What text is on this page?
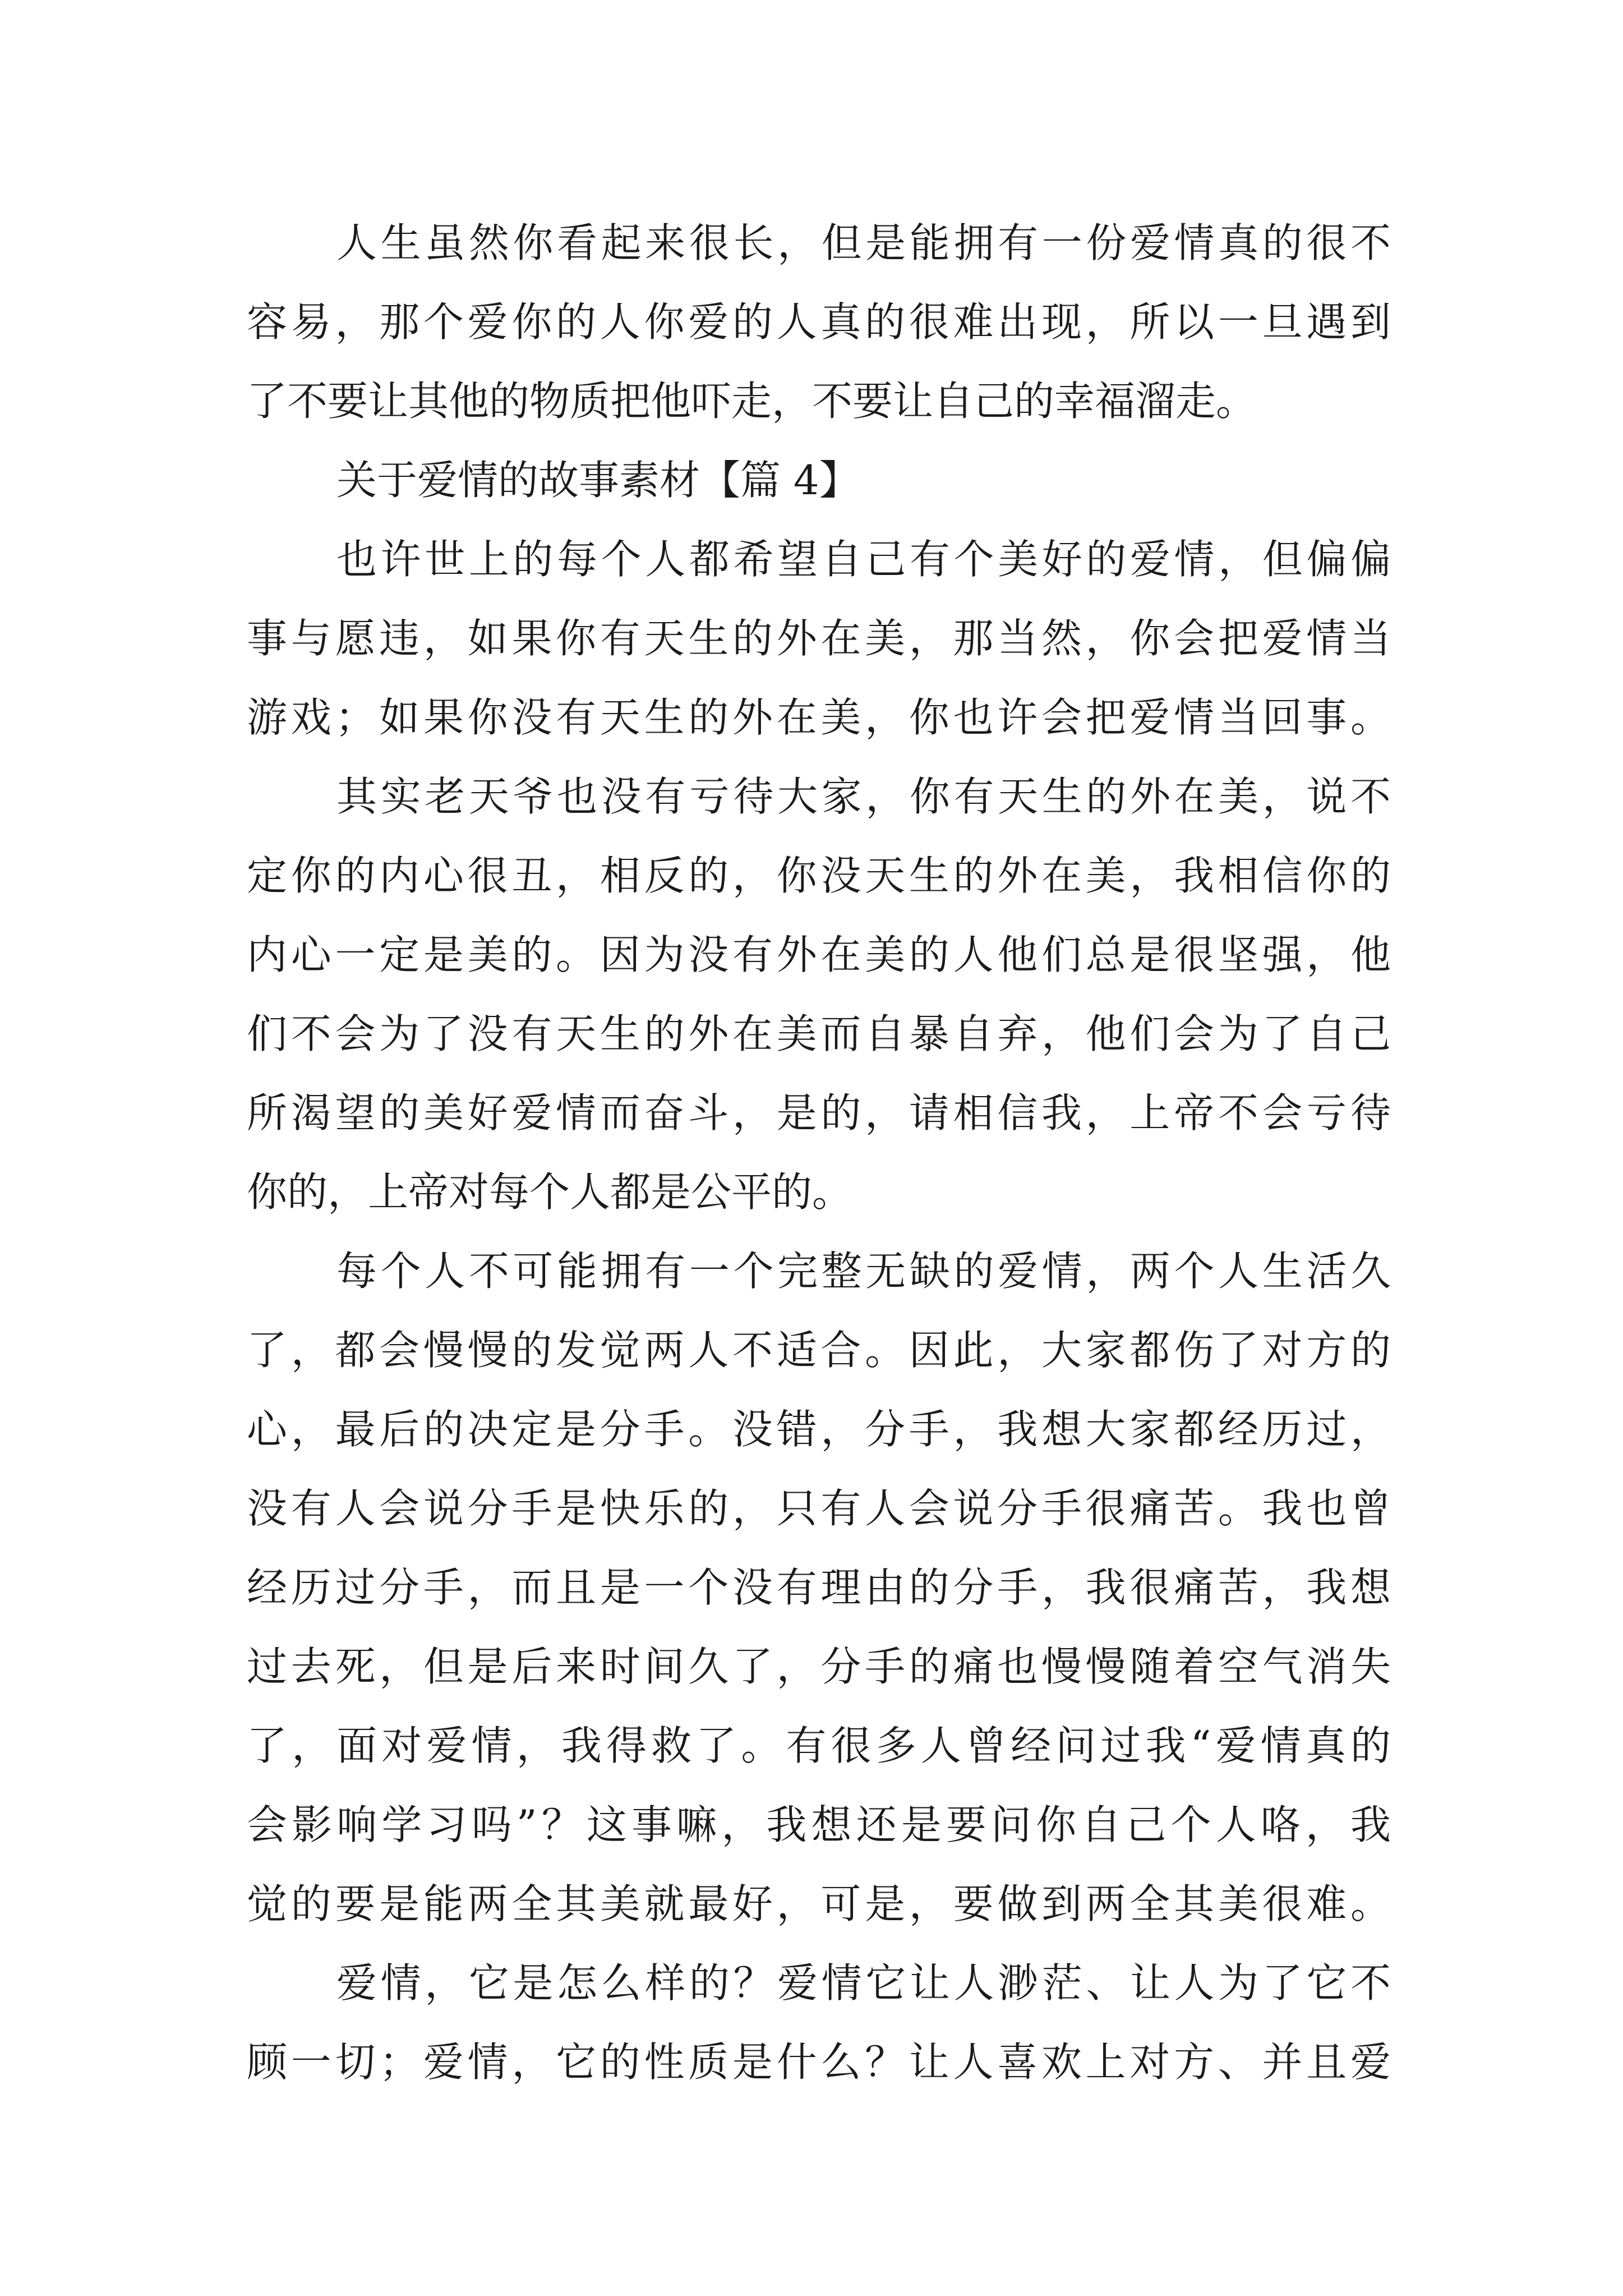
人生虽然你看起来很长，但是能拥有一份爱情真的很不
容易，那个爱你的人你爱的人真的很难出现，所以一旦遇到
了不要让其他的物质把他吓走，不要让自己的幸福溜走。
关于爱情的故事素材【篇 4】
也许世上的每个人都希望自己有个美好的爱情，但偏偏
事与愿违，如果你有天生的外在美，那当然，你会把爱情当
游戏；如果你没有天生的外在美，你也许会把爱情当回事。
其实老天爷也没有亏待大家，你有天生的外在美，说不
定你的内心很丑，相反的，你没天生的外在美，我相信你的
内心一定是美的。因为没有外在美的人他们总是很坚强，他
们不会为了没有天生的外在美而自暴自弃，他们会为了自己
所渴望的美好爱情而奋斗，是的，请相信我，上帝不会亏待
你的，上帝对每个人都是公平的。
每个人不可能拥有一个完整无缺的爱情，两个人生活久
了，都会慢慢的发觉两人不适合。因此，大家都伤了对方的
心，最后的决定是分手。没错，分手，我想大家都经历过，
没有人会说分手是快乐的，只有人会说分手很痛苦。我也曾
经历过分手，而且是一个没有理由的分手，我很痛苦，我想
过去死，但是后来时间久了，分手的痛也慢慢随着空气消失
了，面对爱情，我得救了。有很多人曾经问过我“爱情真的
会影响学习吗”？这事嘛，我想还是要问你自己个人咯，我
觉的要是能两全其美就最好，可是，要做到两全其美很难。
爱情，它是怎么样的？爱情它让人渺茫、让人为了它不
顾一切；爱情，它的性质是什么？让人喜欢上对方、并且爱
